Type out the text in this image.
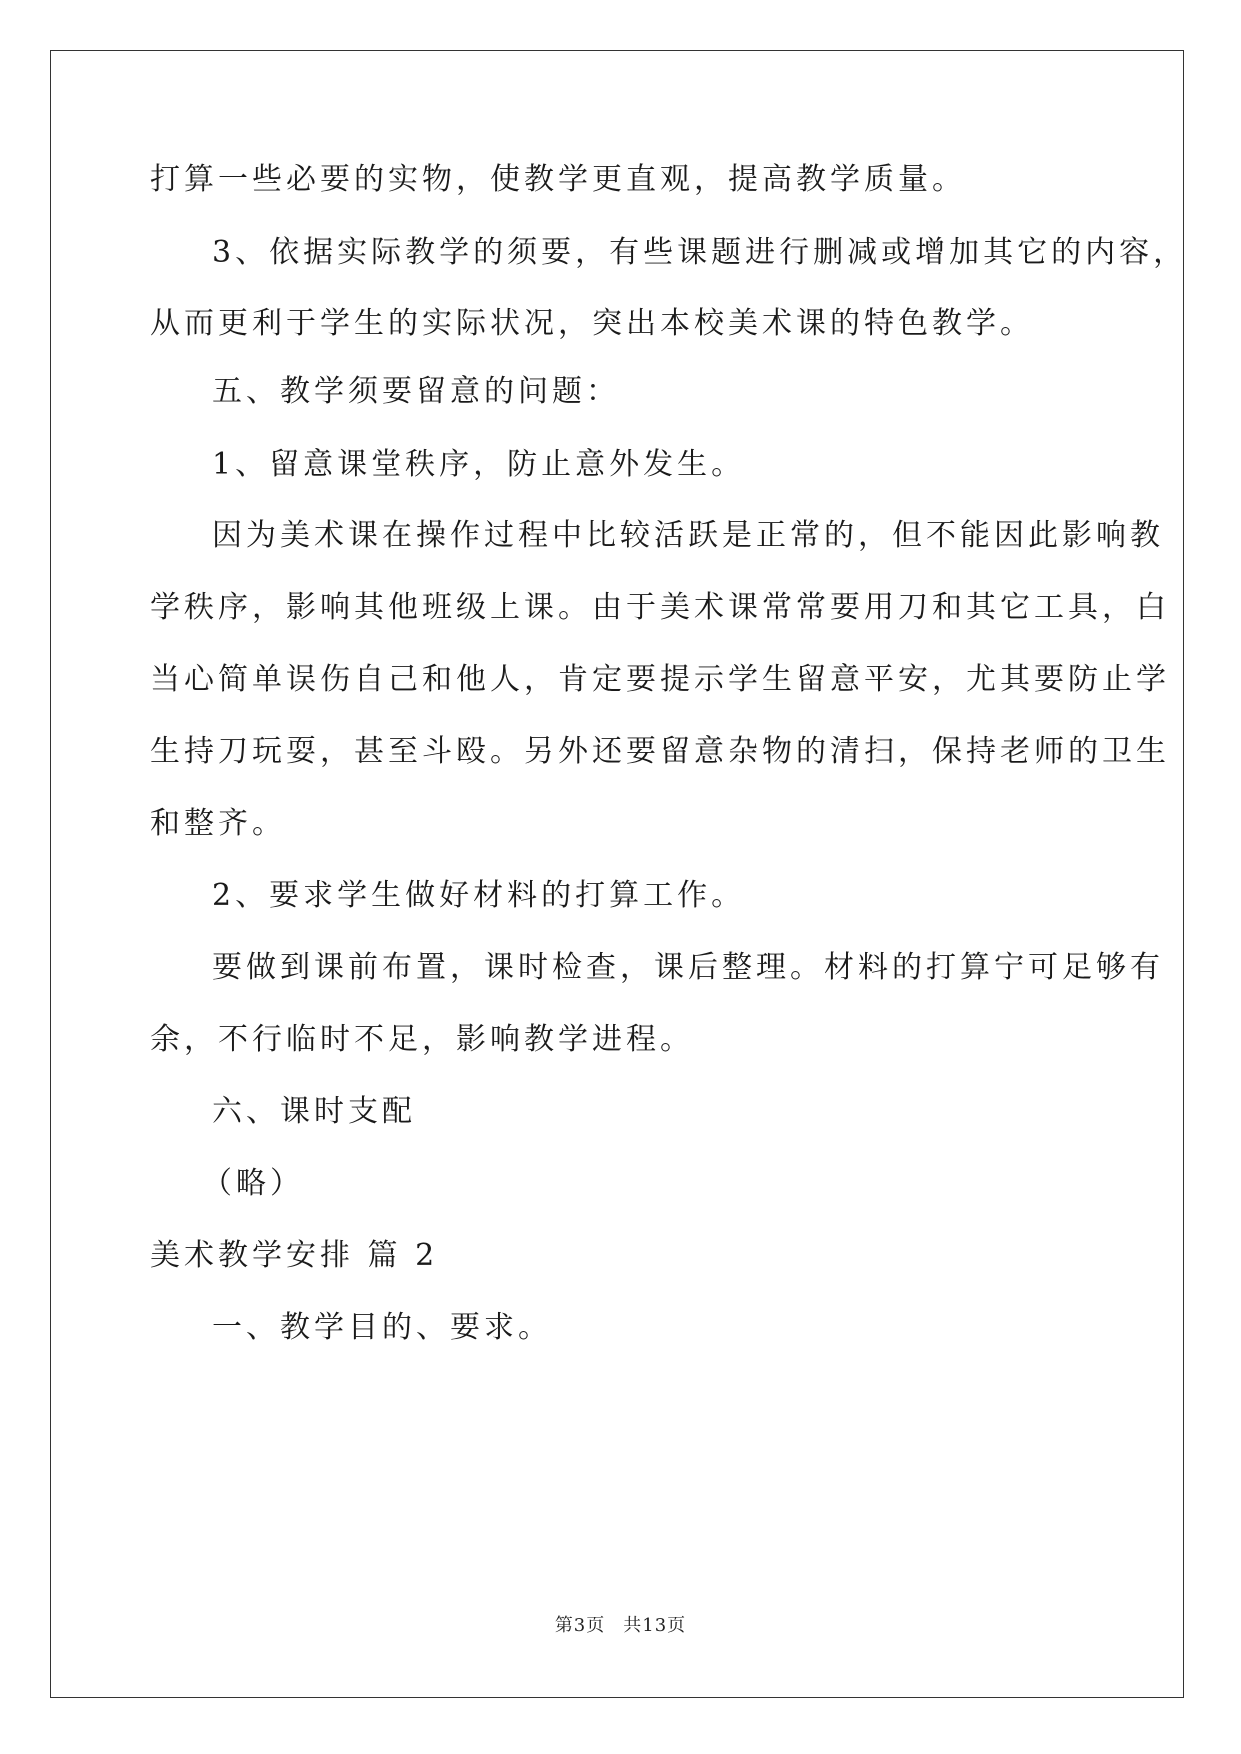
打算一些必要的实物，使教学更直观，提高教学质量。
3、依据实际教学的须要，有些课题进行删减或增加其它的内容，
从而更利于学生的实际状况，突出本校美术课的特色教学。
五、教学须要留意的问题：
1、留意课堂秩序，防止意外发生。
因为美术课在操作过程中比较活跃是正常的，但不能因此影响教
学秩序，影响其他班级上课。由于美术课常常要用刀和其它工具，白
当心简单误伤自己和他人，肯定要提示学生留意平安，尤其要防止学
生持刀玩耍，甚至斗殴。另外还要留意杂物的清扫，保持老师的卫生
和整齐。
2、要求学生做好材料的打算工作。
要做到课前布置，课时检查，课后整理。材料的打算宁可足够有
余，不行临时不足，影响教学进程。
六、课时支配
（略）
美术教学安排 篇 2
一、教学目的、要求。
第3页 共13页
